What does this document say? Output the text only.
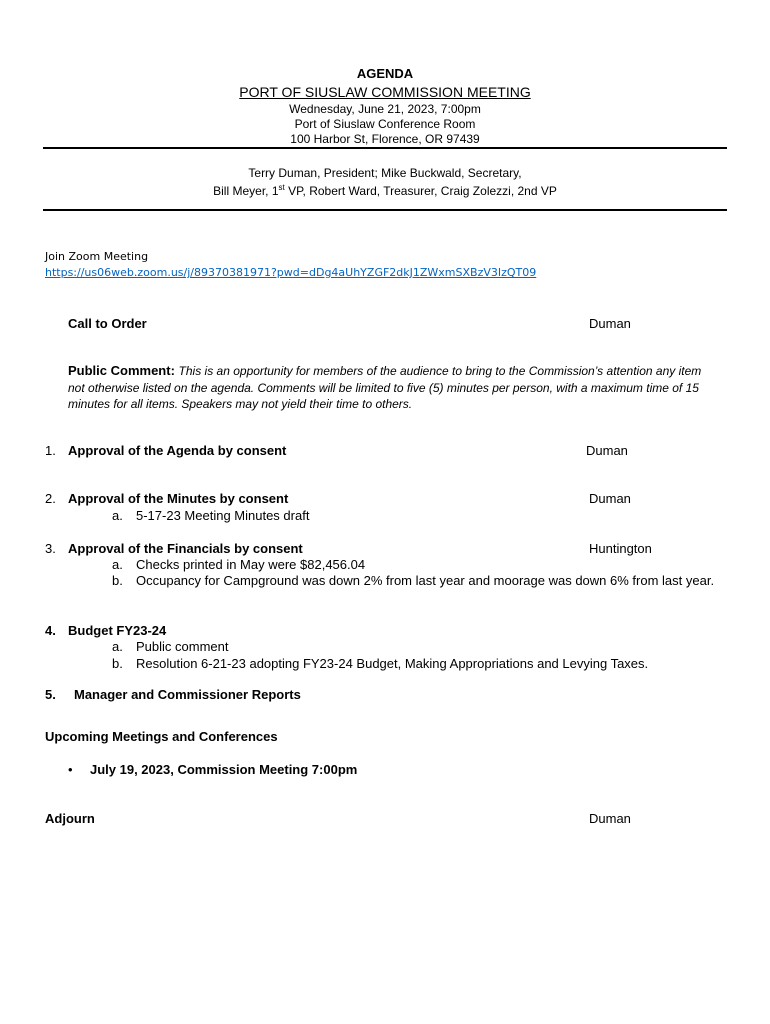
AGENDA
PORT OF SIUSLAW COMMISSION MEETING
Wednesday, June 21, 2023, 7:00pm
Port of Siuslaw Conference Room
100 Harbor St, Florence, OR 97439
Terry Duman, President; Mike Buckwald, Secretary,
Bill Meyer, 1st VP, Robert Ward, Treasurer, Craig Zolezzi, 2nd VP
Join Zoom Meeting
https://us06web.zoom.us/j/89370381971?pwd=dDg4aUhYZGF2dkJ1ZWxmSXBzV3IzQT09
Call to Order	Duman
Public Comment: This is an opportunity for members of the audience to bring to the Commission’s attention any item not otherwise listed on the agenda. Comments will be limited to five (5) minutes per person, with a maximum time of 15 minutes for all items. Speakers may not yield their time to others.
1. Approval of the Agenda by consent	Duman
2. Approval of the Minutes by consent	Duman
a. 5-17-23 Meeting Minutes draft
3. Approval of the Financials by consent	Huntington
a. Checks printed in May were $82,456.04
b. Occupancy for Campground was down 2% from last year and moorage was down 6% from last year.
4. Budget FY23-24
a. Public comment
b. Resolution 6-21-23 adopting FY23-24 Budget, Making Appropriations and Levying Taxes.
5. Manager and Commissioner Reports
Upcoming Meetings and Conferences
• July 19, 2023, Commission Meeting 7:00pm
Adjourn	Duman
